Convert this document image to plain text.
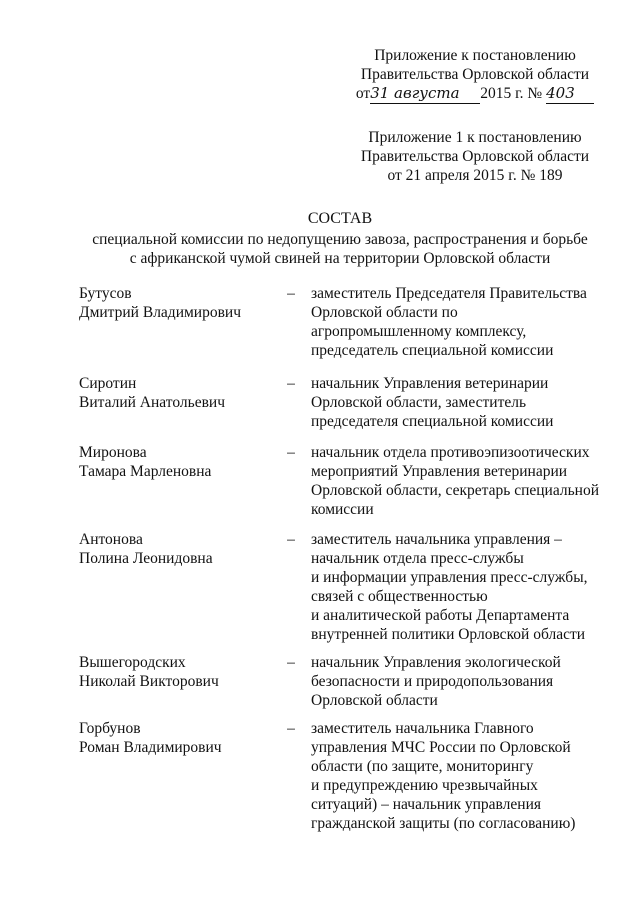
Приложение к постановлению
Правительства Орловской области
от31 августа 2015 г. № 403
Приложение 1 к постановлению
Правительства Орловской области
от 21 апреля 2015 г. № 189
СОСТАВ
специальной комиссии по недопущению завоза, распространения и борьбе
с африканской чумой свиней на территории Орловской области
Бутусов
Дмитрий Владимирович
– заместитель Председателя Правительства
Орловской области по
агропромышленному комплексу,
председатель специальной комиссии
Сиротин
Виталий Анатольевич
– начальник Управления ветеринарии
Орловской области, заместитель
председателя специальной комиссии
Миронова
Тамара Марленовна
– начальник отдела противоэпизоотических
мероприятий Управления ветеринарии
Орловской области, секретарь специальной
комиссии
Антонова
Полина Леонидовна
– заместитель начальника управления –
начальник отдела пресс-службы
и информации управления пресс-службы,
связей с общественностью
и аналитической работы Департамента
внутренней политики Орловской области
Вышегородских
Николай Викторович
– начальник Управления экологической
безопасности и природопользования
Орловской области
Горбунов
Роман Владимирович
– заместитель начальника Главного
управления МЧС России по Орловской
области (по защите, мониторингу
и предупреждению чрезвычайных
ситуаций) – начальник управления
гражданской защиты (по согласованию)
